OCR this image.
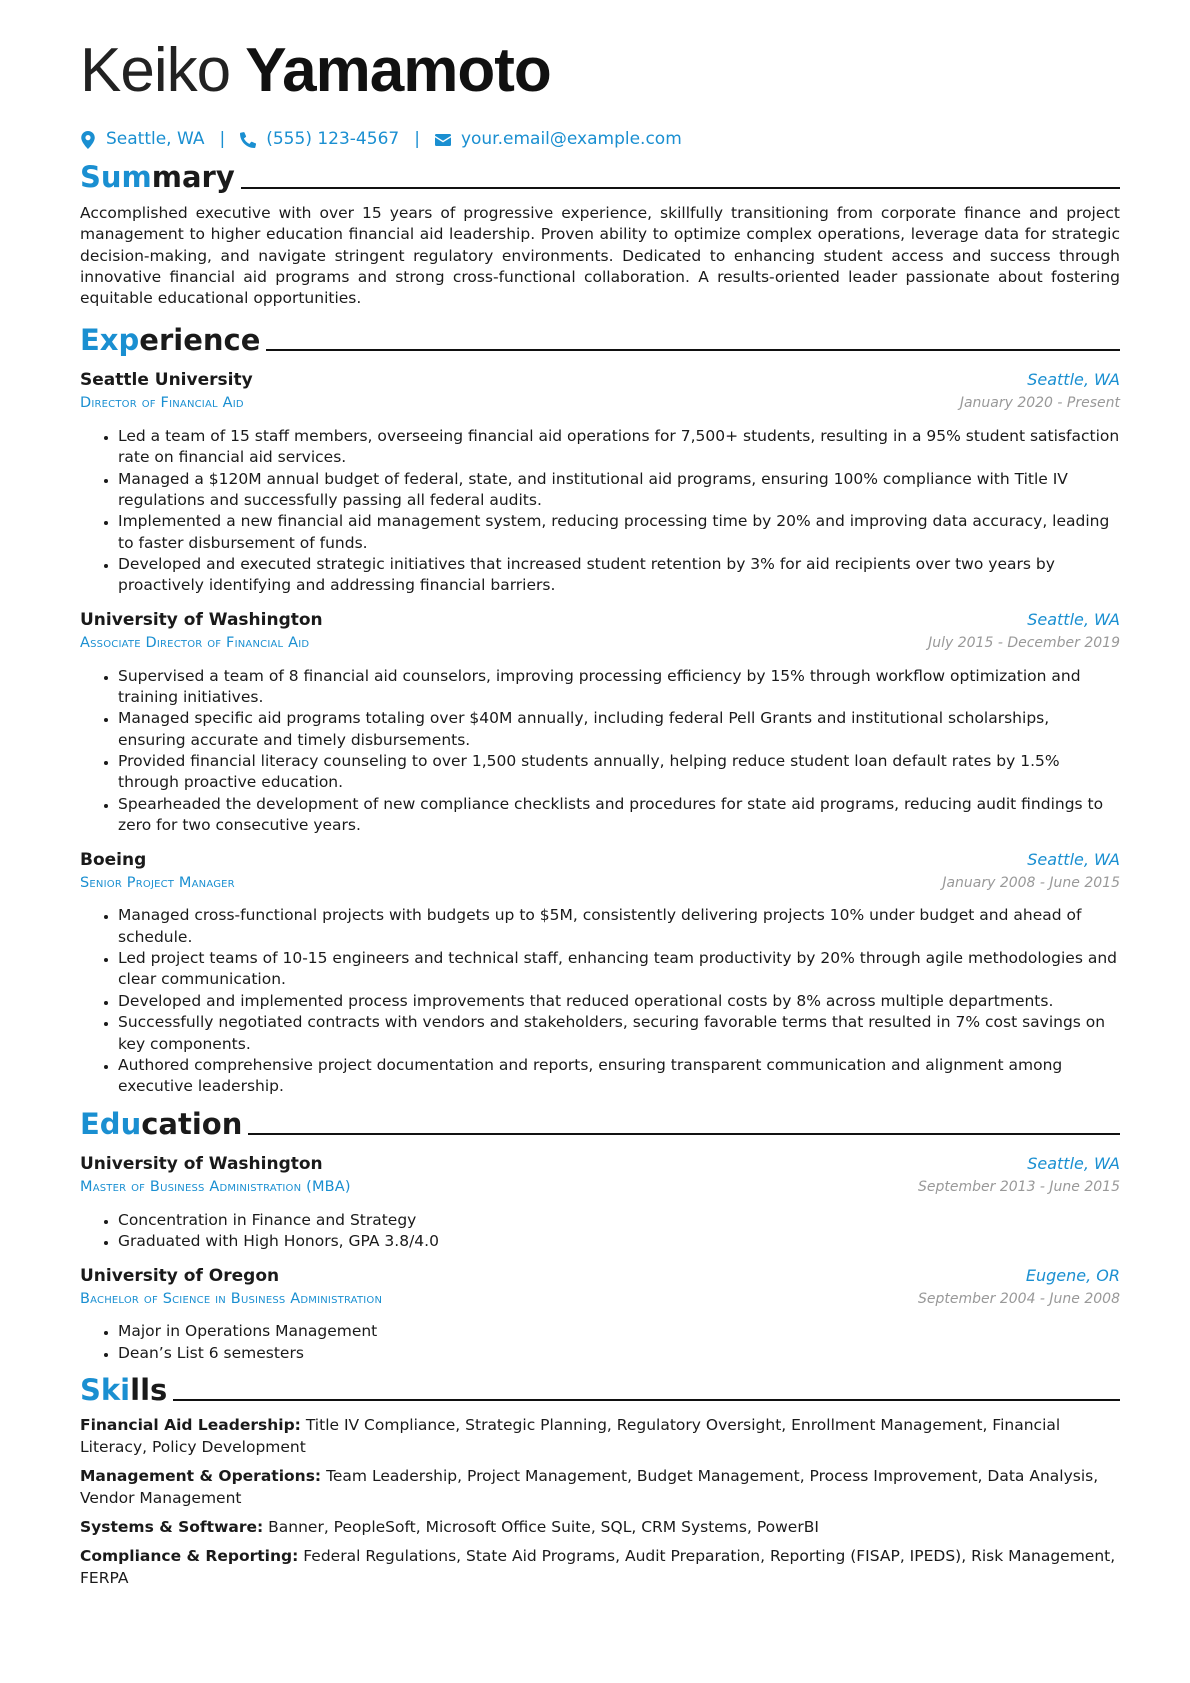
Keiko Yamamoto
Seattle, WA | (555) 123-4567 | your.email@example.com
Summary

Accomplished executive with over 15 years of progressive experience, skillfully transitioning from corporate finance and project management to higher education financial aid leadership. Proven ability to optimize complex operations, leverage data for strategic decision-making, and navigate stringent regulatory environments. Dedicated to enhancing student access and success through innovative financial aid programs and strong cross-functional collaboration. A results-oriented leader passionate about fostering equitable educational opportunities.

Experience
Seattle University	Seattle, WA
Director of Financial Aid	January 2020 - Present
• Led a team of 15 staff members, overseeing financial aid operations for 7,500+ students, resulting in a 95% student satisfaction rate on financial aid services.
• Managed a $120M annual budget of federal, state, and institutional aid programs, ensuring 100% compliance with Title IV regulations and successfully passing all federal audits.
• Implemented a new financial aid management system, reducing processing time by 20% and improving data accuracy, leading to faster disbursement of funds.
• Developed and executed strategic initiatives that increased student retention by 3% for aid recipients over two years by proactively identifying and addressing financial barriers.
University of Washington	Seattle, WA
Associate Director of Financial Aid	July 2015 - December 2019
• Supervised a team of 8 financial aid counselors, improving processing efficiency by 15% through workflow optimization and training initiatives.
• Managed specific aid programs totaling over $40M annually, including federal Pell Grants and institutional scholarships, ensuring accurate and timely disbursements.
• Provided financial literacy counseling to over 1,500 students annually, helping reduce student loan default rates by 1.5% through proactive education.
• Spearheaded the development of new compliance checklists and procedures for state aid programs, reducing audit findings to zero for two consecutive years.
Boeing	Seattle, WA
Senior Project Manager	January 2008 - June 2015
• Managed cross-functional projects with budgets up to $5M, consistently delivering projects 10% under budget and ahead of schedule.
• Led project teams of 10-15 engineers and technical staff, enhancing team productivity by 20% through agile methodologies and clear communication.
• Developed and implemented process improvements that reduced operational costs by 8% across multiple departments.
• Successfully negotiated contracts with vendors and stakeholders, securing favorable terms that resulted in 7% cost savings on key components.
• Authored comprehensive project documentation and reports, ensuring transparent communication and alignment among executive leadership.
Education
University of Washington	Seattle, WA
Master of Business Administration (MBA)	September 2013 - June 2015
• Concentration in Finance and Strategy
• Graduated with High Honors, GPA 3.8/4.0
University of Oregon	Eugene, OR
Bachelor of Science in Business Administration	September 2004 - June 2008
• Major in Operations Management
• Dean’s List 6 semesters
Skills

Financial Aid Leadership: Title IV Compliance, Strategic Planning, Regulatory Oversight, Enrollment Management, Financial Literacy, Policy Development

Management & Operations: Team Leadership, Project Management, Budget Management, Process Improvement, Data Analysis, Vendor Management

Systems & Software: Banner, PeopleSoft, Microsoft Office Suite, SQL, CRM Systems, PowerBI

Compliance & Reporting: Federal Regulations, State Aid Programs, Audit Preparation, Reporting (FISAP, IPEDS), Risk Management, FERPA
